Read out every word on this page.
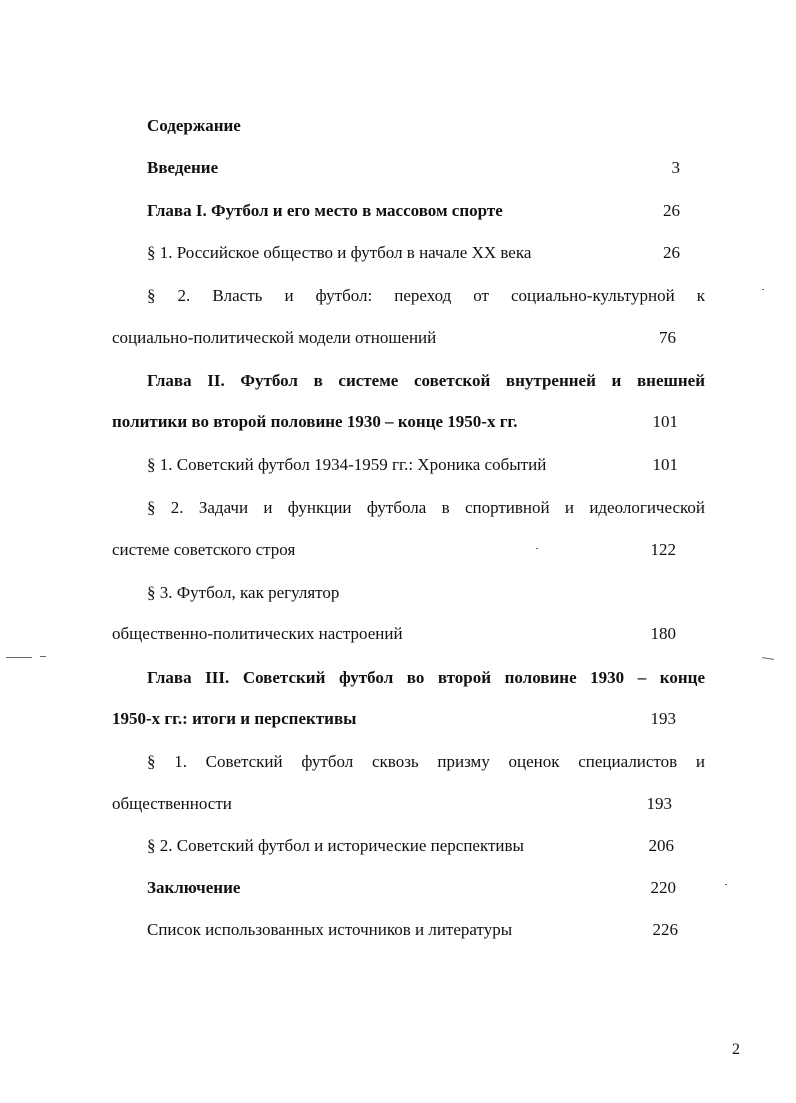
Содержание
Введение	3
Глава I. Футбол и его место в массовом спорте	26
§ 1. Российское общество и футбол в начале XX века	26
§ 2. Власть и футбол: переход от социально-культурной к
социально-политической модели отношений	76
Глава II. Футбол в системе советской внутренней и внешней
политики во второй половине 1930 – конце 1950-х гг.	101
§ 1. Советский футбол 1934-1959 гг.: Хроника событий	101
§ 2. Задачи и функции футбола в спортивной и идеологической
системе советского строя	122
§ 3. Футбол, как регулятор
общественно-политических настроений	180
Глава III. Советский футбол во второй половине 1930 – конце
1950-х гг.: итоги и перспективы	193
§ 1. Советский футбол сквозь призму оценок специалистов и
общественности	193
§ 2. Советский футбол и исторические перспективы	206
Заключение	220
Список использованных источников и литературы	226
2
